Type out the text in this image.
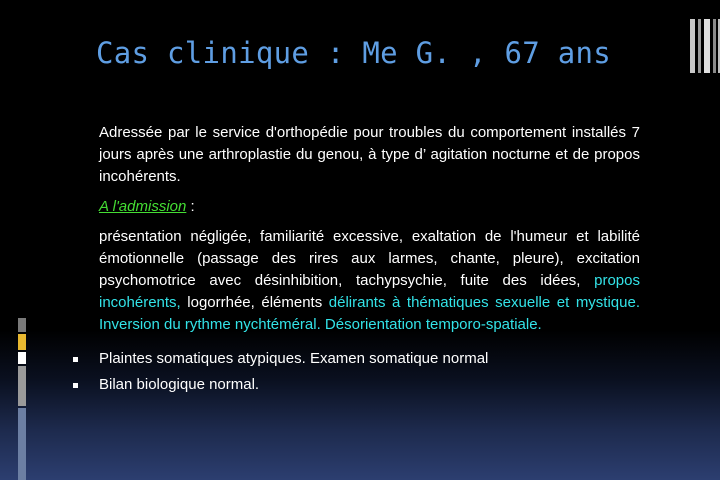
Cas clinique : Me G. , 67 ans

Adressée par le service d'orthopédie pour troubles du comportement installés 7 jours après une arthroplastie du genou, à type d’ agitation nocturne et de propos incohérents.

A l'admission :

présentation négligée, familiarité excessive, exaltation de l'humeur et labilité émotionnelle (passage des rires aux larmes, chante, pleure), excitation psychomotrice avec désinhibition, tachypsychie, fuite des idées, propos incohérents, logorrhée, éléments délirants à thématiques sexuelle et mystique. Inversion du rythme nychtéméral. Désorientation temporo-spatiale.

Plaintes somatiques atypiques. Examen somatique normal
Bilan biologique normal.
